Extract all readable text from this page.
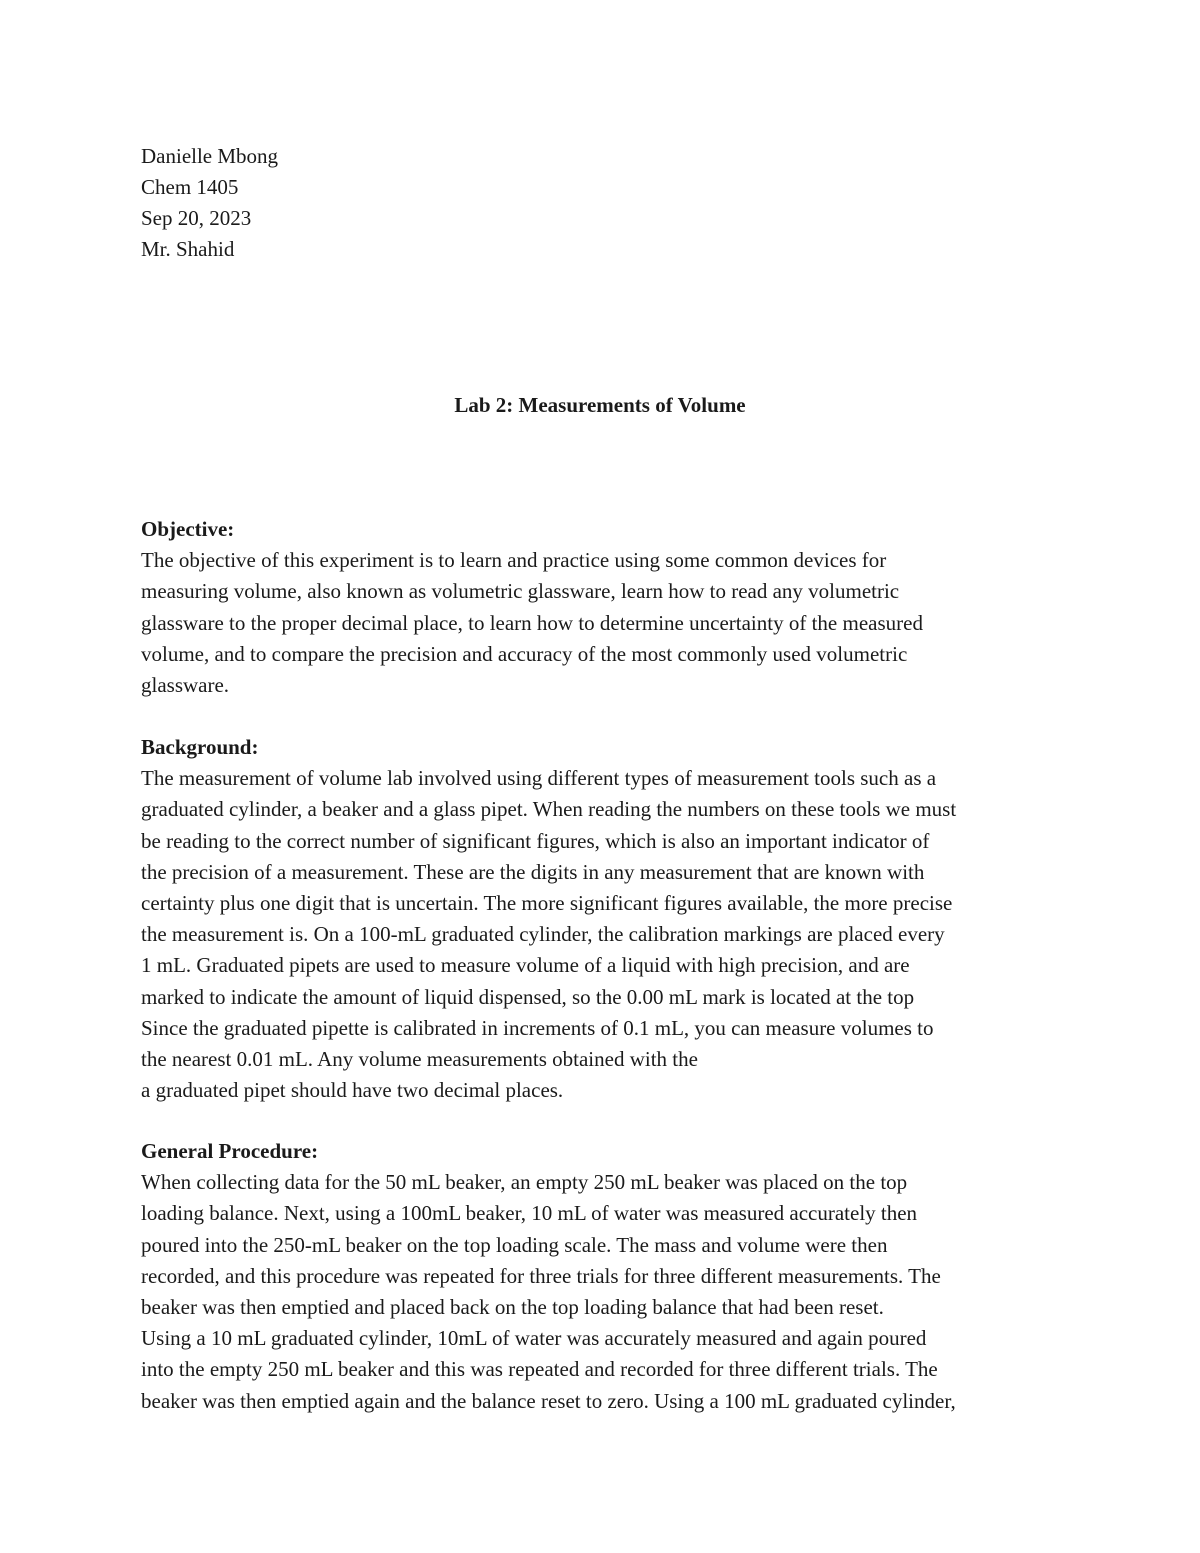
Danielle Mbong
Chem 1405
Sep 20, 2023
Mr. Shahid
Lab 2: Measurements of Volume
Objective:
The objective of this experiment is to learn and practice using some common devices for
measuring volume, also known as volumetric glassware, learn how to read any volumetric
glassware to the proper decimal place, to learn how to determine uncertainty of the measured
volume, and to compare the precision and accuracy of the most commonly used volumetric
glassware.
Background:
The measurement of volume lab involved using different types of measurement tools such as a
graduated cylinder, a beaker and a glass pipet. When reading the numbers on these tools we must
be reading to the correct number of significant figures, which is also an important indicator of
the precision of a measurement. These are the digits in any measurement that are known with
certainty plus one digit that is uncertain. The more significant figures available, the more precise
the measurement is. On a 100-mL graduated cylinder, the calibration markings are placed every
1 mL. Graduated pipets are used to measure volume of a liquid with high precision, and are
marked to indicate the amount of liquid dispensed, so the 0.00 mL mark is located at the top
Since the graduated pipette is calibrated in increments of 0.1 mL, you can measure volumes to
the nearest 0.01 mL. Any volume measurements obtained with the
a graduated pipet should have two decimal places.
General Procedure:
When collecting data for the 50 mL beaker, an empty 250 mL beaker was placed on the top
loading balance. Next, using a 100mL beaker, 10 mL of water was measured accurately then
poured into the 250-mL beaker on the top loading scale. The mass and volume were then
recorded, and this procedure was repeated for three trials for three different measurements. The
beaker was then emptied and placed back on the top loading balance that had been reset.
Using a 10 mL graduated cylinder, 10mL of water was accurately measured and again poured
into the empty 250 mL beaker and this was repeated and recorded for three different trials. The
beaker was then emptied again and the balance reset to zero. Using a 100 mL graduated cylinder,
